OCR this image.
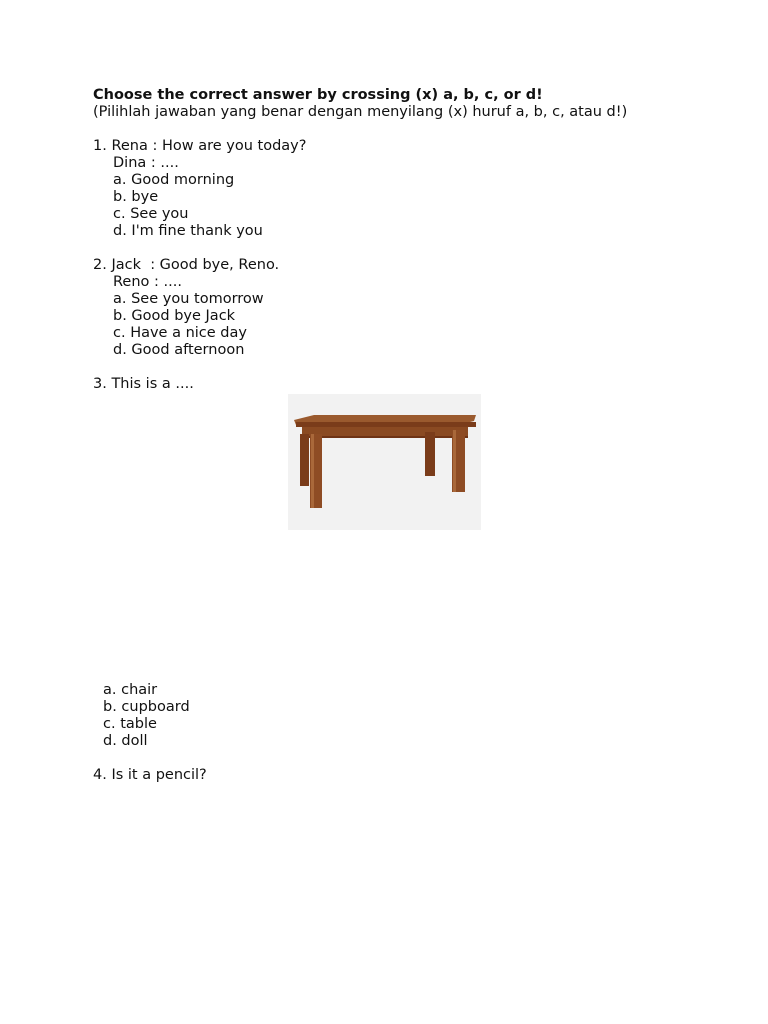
Choose the correct answer by crossing (x) a, b, c, or d!
(Pilihlah jawaban yang benar dengan menyilang (x) huruf a, b, c, atau d!)
1. Rena : How are you today?
Dina : ....
a. Good morning
b. bye
c. See you
d. I'm fine thank you
2. Jack  : Good bye, Reno.
Reno : ....
a. See you tomorrow
b. Good bye Jack
c. Have a nice day
d. Good afternoon
3. This is a ....
a. chair
b. cupboard
c. table
d. doll
4. Is it a pencil?
